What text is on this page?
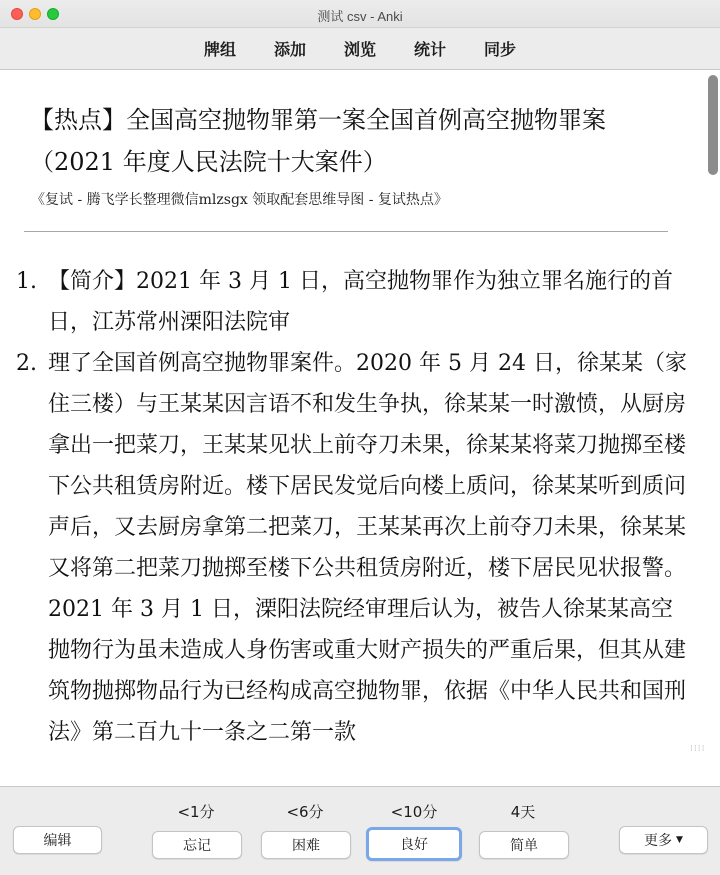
测试 csv - Anki
牌组	添加	浏览	统计	同步
【热点】全国高空抛物罪第一案全国首例高空抛物罪案（2021 年度人民法院十大案件）
《复试 - 腾飞学长整理微信mlzsgx 领取配套思维导图 - 复试热点》
1. 【简介】2021 年 3 月 1 日，高空抛物罪作为独立罪名施行的首日，江苏常州溧阳法院审
2. 理了全国首例高空抛物罪案件。2020 年 5 月 24 日，徐某某（家住三楼）与王某某因言语不和发生争执，徐某某一时激愤，从厨房拿出一把菜刀，王某某见状上前夺刀未果，徐某某将菜刀抛掷至楼下公共租赁房附近。楼下居民发觉后向楼上质问，徐某某听到质问声后，又去厨房拿第二把菜刀，王某某再次上前夺刀未果，徐某某又将第二把菜刀抛掷至楼下公共租赁房附近，楼下居民见状报警。
2021 年 3 月 1 日，溧阳法院经审理后认为，被告人徐某某高空抛物行为虽未造成人身伤害或重大财产损失的严重后果，但其从建筑物抛掷物品行为已经构成高空抛物罪，依据《中华人民共和国刑法》第二百九十一条之二第一款
⁞⁞⁞⁞
编辑
<1分	<6分	<10分	4天
忘记	困难	良好	简单	更多 ▼
